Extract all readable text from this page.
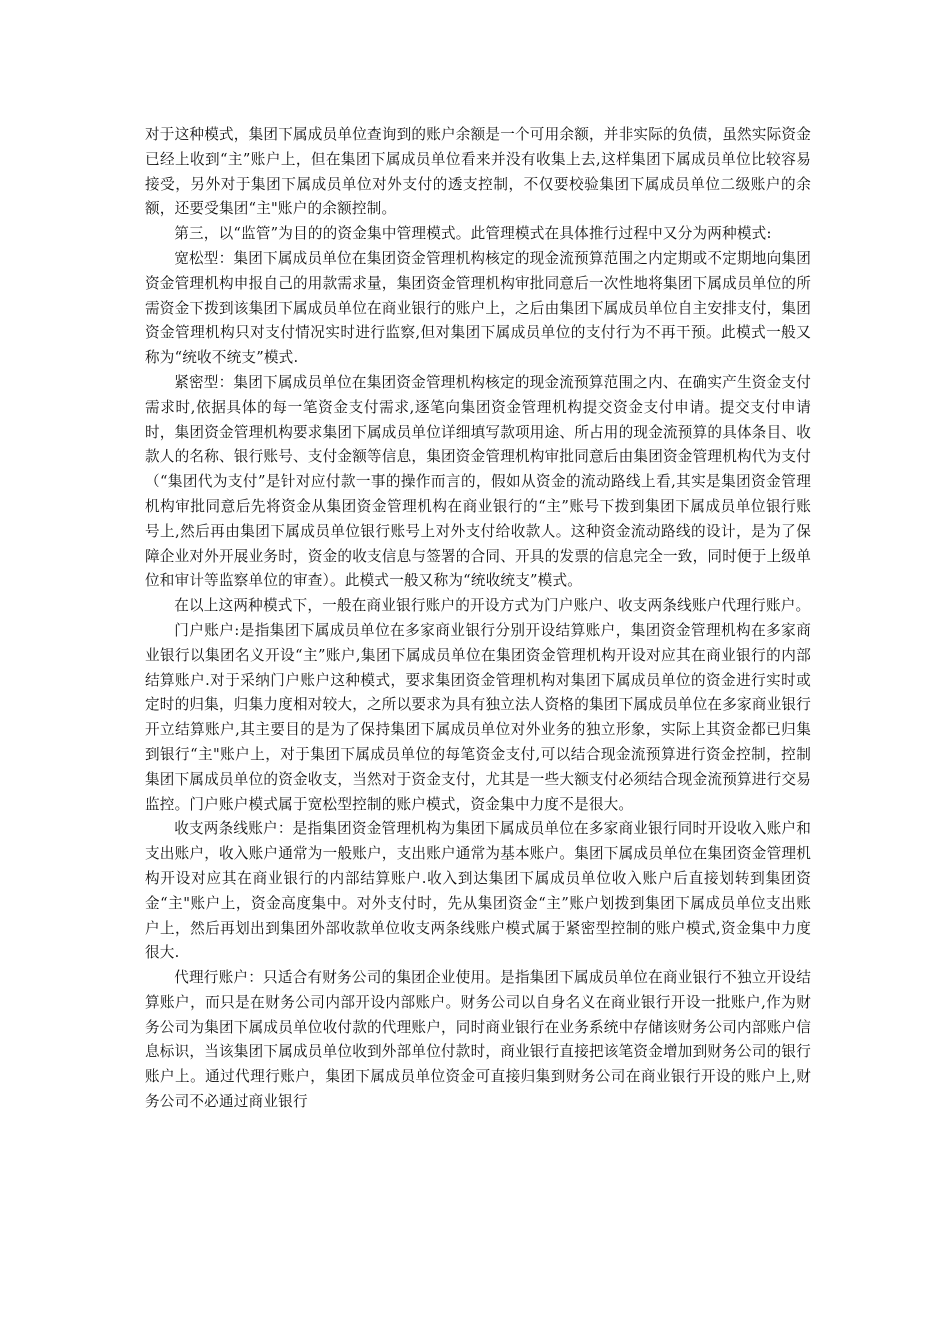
对于这种模式，集团下属成员单位查询到的账户余额是一个可用余额，并非实际的负债，虽然实际资金已经上收到“主”账户上，但在集团下属成员单位看来并没有收集上去,这样集团下属成员单位比较容易接受，另外对于集团下属成员单位对外支付的透支控制，不仅要校验集团下属成员单位二级账户的余额，还要受集团“主"账户的余额控制。

第三，以“监管”为目的的资金集中管理模式。此管理模式在具体推行过程中又分为两种模式:

宽松型：集团下属成员单位在集团资金管理机构核定的现金流预算范围之内定期或不定期地向集团资金管理机构申报自己的用款需求量，集团资金管理机构审批同意后一次性地将集团下属成员单位的所需资金下拨到该集团下属成员单位在商业银行的账户上，之后由集团下属成员单位自主安排支付，集团资金管理机构只对支付情况实时进行监察,但对集团下属成员单位的支付行为不再干预。此模式一般又称为“统收不统支”模式.

紧密型：集团下属成员单位在集团资金管理机构核定的现金流预算范围之内、在确实产生资金支付需求时,依据具体的每一笔资金支付需求,逐笔向集团资金管理机构提交资金支付申请。提交支付申请时，集团资金管理机构要求集团下属成员单位详细填写款项用途、所占用的现金流预算的具体条目、收款人的名称、银行账号、支付金额等信息，集团资金管理机构审批同意后由集团资金管理机构代为支付（“集团代为支付”是针对应付款一事的操作而言的，假如从资金的流动路线上看,其实是集团资金管理机构审批同意后先将资金从集团资金管理机构在商业银行的“主”账号下拨到集团下属成员单位银行账号上,然后再由集团下属成员单位银行账号上对外支付给收款人。这种资金流动路线的设计，是为了保障企业对外开展业务时，资金的收支信息与签署的合同、开具的发票的信息完全一致，同时便于上级单位和审计等监察单位的审查）。此模式一般又称为“统收统支”模式。

在以上这两种模式下，一般在商业银行账户的开设方式为门户账户、收支两条线账户代理行账户。

门户账户:是指集团下属成员单位在多家商业银行分别开设结算账户，集团资金管理机构在多家商业银行以集团名义开设“主”账户,集团下属成员单位在集团资金管理机构开设对应其在商业银行的内部结算账户.对于采纳门户账户这种模式，要求集团资金管理机构对集团下属成员单位的资金进行实时或定时的归集，归集力度相对较大，之所以要求为具有独立法人资格的集团下属成员单位在多家商业银行开立结算账户,其主要目的是为了保持集团下属成员单位对外业务的独立形象，实际上其资金都已归集到银行“主"账户上，对于集团下属成员单位的每笔资金支付,可以结合现金流预算进行资金控制，控制集团下属成员单位的资金收支，当然对于资金支付，尤其是一些大额支付必须结合现金流预算进行交易监控。门户账户模式属于宽松型控制的账户模式，资金集中力度不是很大。

收支两条线账户：是指集团资金管理机构为集团下属成员单位在多家商业银行同时开设收入账户和支出账户，收入账户通常为一般账户，支出账户通常为基本账户。集团下属成员单位在集团资金管理机构开设对应其在商业银行的内部结算账户.收入到达集团下属成员单位收入账户后直接划转到集团资金“主"账户上，资金高度集中。对外支付时，先从集团资金“主”账户划拨到集团下属成员单位支出账户上，然后再划出到集团外部收款单位收支两条线账户模式属于紧密型控制的账户模式,资金集中力度很大.

代理行账户：只适合有财务公司的集团企业使用。是指集团下属成员单位在商业银行不独立开设结算账户，而只是在财务公司内部开设内部账户。财务公司以自身名义在商业银行开设一批账户,作为财务公司为集团下属成员单位收付款的代理账户，同时商业银行在业务系统中存储该财务公司内部账户信息标识，当该集团下属成员单位收到外部单位付款时，商业银行直接把该笔资金增加到财务公司的银行账户上。通过代理行账户，集团下属成员单位资金可直接归集到财务公司在商业银行开设的账户上,财务公司不必通过商业银行
